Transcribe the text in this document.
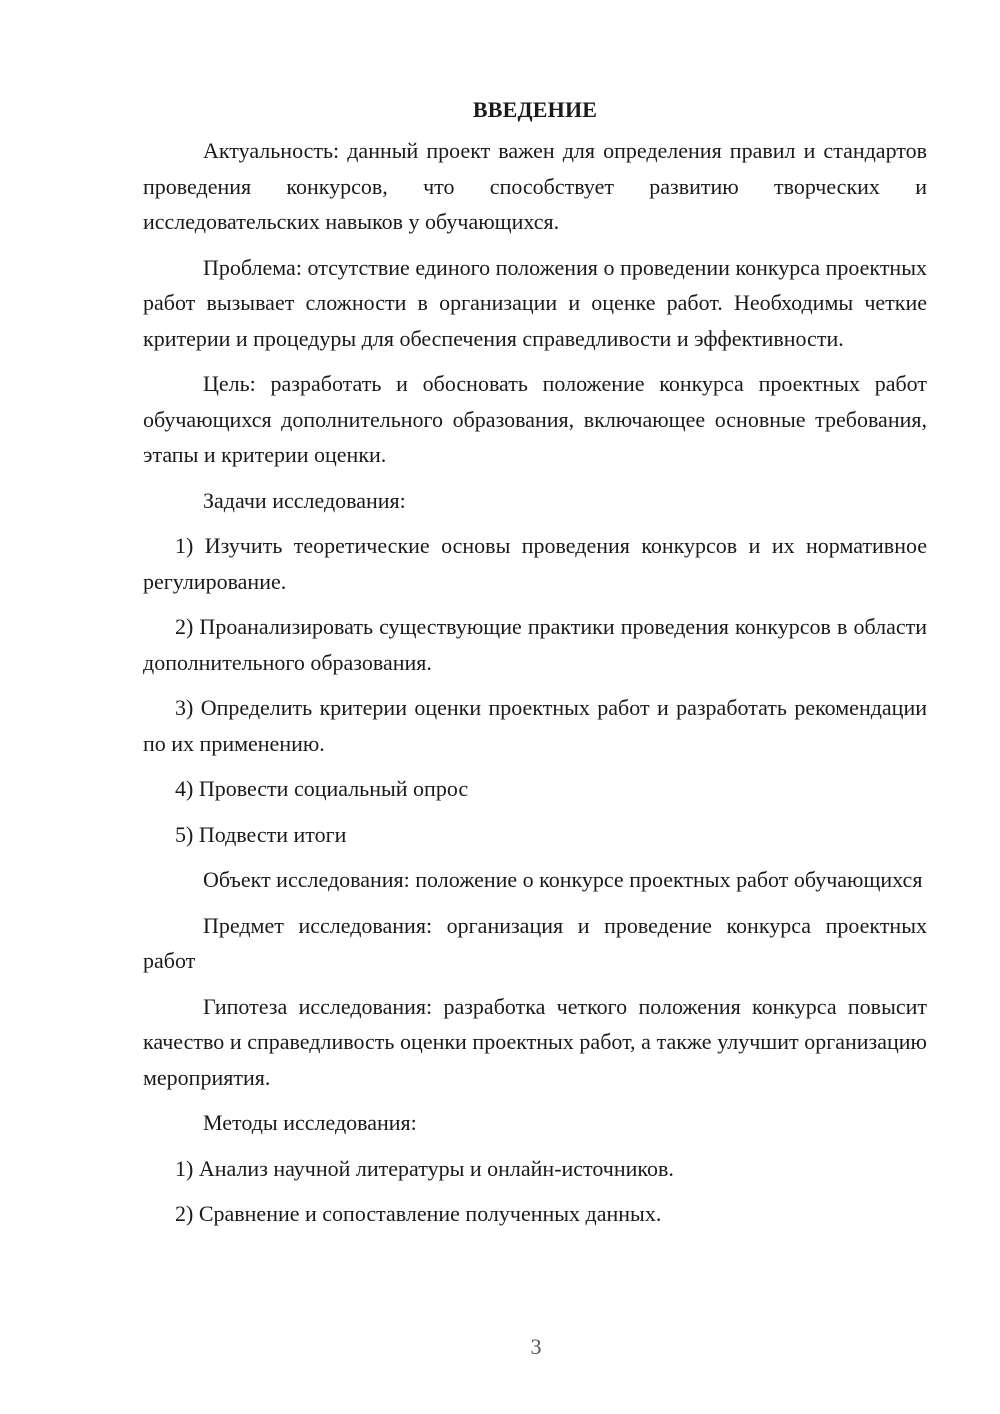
ВВЕДЕНИЕ

Актуальность: данный проект важен для определения правил и стандартов проведения конкурсов, что способствует развитию творческих и исследовательских навыков у обучающихся.

Проблема: отсутствие единого положения о проведении конкурса проектных работ вызывает сложности в организации и оценке работ. Необходимы четкие критерии и процедуры для обеспечения справедливости и эффективности.

Цель: разработать и обосновать положение конкурса проектных работ обучающихся дополнительного образования, включающее основные требования, этапы и критерии оценки.

Задачи исследования:

1) Изучить теоретические основы проведения конкурсов и их нормативное регулирование.

2) Проанализировать существующие практики проведения конкурсов в области дополнительного образования.

3) Определить критерии оценки проектных работ и разработать рекомендации по их применению.

4) Провести социальный опрос

5) Подвести итоги

Объект исследования: положение о конкурсе проектных работ обучающихся

Предмет исследования: организация и проведение конкурса проектных работ

Гипотеза исследования: разработка четкого положения конкурса повысит качество и справедливость оценки проектных работ, а также улучшит организацию мероприятия.

Методы исследования:

1) Анализ научной литературы и онлайн-источников.

2) Сравнение и сопоставление полученных данных.

3
